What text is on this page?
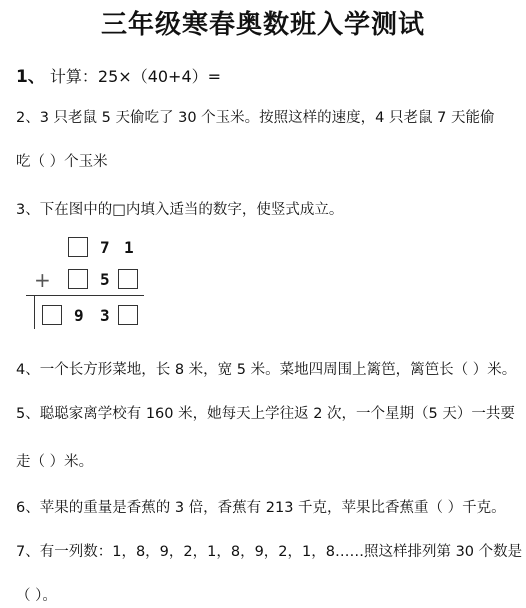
三年级寒春奥数班入学测试
1、 计算：25×（40+4）=
2、3 只老鼠 5 天偷吃了 30 个玉米。按照这样的速度，4 只老鼠 7 天能偷
吃（ ）个玉米
3、下在图中的□内填入适当的数字，使竖式成立。
7 1
+	5
9 3
4、一个长方形菜地，长 8 米，宽 5 米。菜地四周围上篱笆，篱笆长（ ）米。
5、聪聪家离学校有 160 米，她每天上学往返 2 次，一个星期（5 天）一共要
走（ ）米。
6、苹果的重量是香蕉的 3 倍，香蕉有 213 千克，苹果比香蕉重（ ）千克。
7、有一列数：1，8，9，2，1，8，9，2，1，8……照这样排列第 30 个数是
（ ）。
